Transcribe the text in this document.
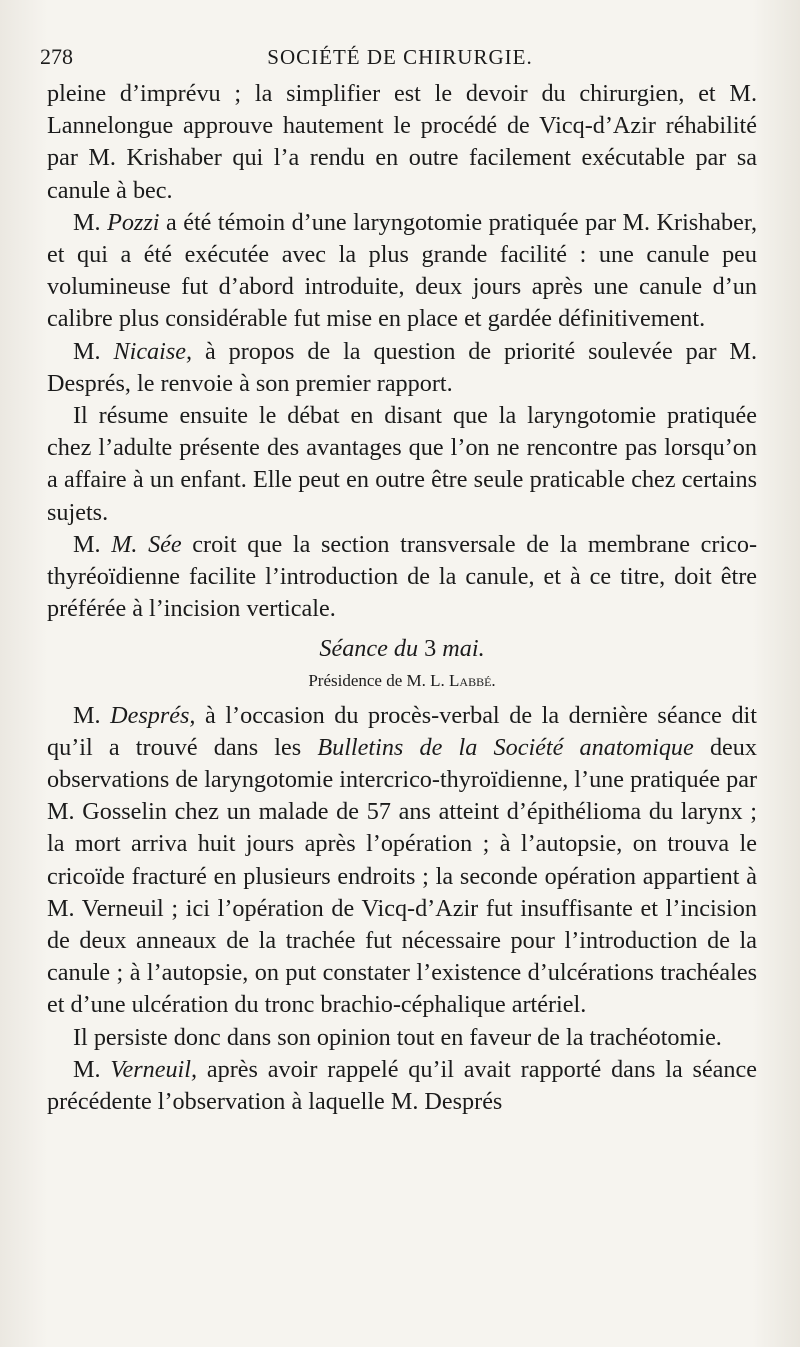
278	SOCIÉTÉ DE CHIRURGIE.

pleine d’imprévu ; la simplifier est le devoir du chirurgien, et M. Lannelongue approuve hautement le procédé de Vicq-d’Azir réhabilité par M. Krishaber qui l’a rendu en outre facilement exécutable par sa canule à bec.

M. Pozzi a été témoin d’une laryngotomie pratiquée par M. Krishaber, et qui a été exécutée avec la plus grande facilité : une canule peu volumineuse fut d’abord introduite, deux jours après une canule d’un calibre plus considérable fut mise en place et gardée définitivement.

M. Nicaise, à propos de la question de priorité soulevée par M. Després, le renvoie à son premier rapport.

Il résume ensuite le débat en disant que la laryngotomie pratiquée chez l’adulte présente des avantages que l’on ne rencontre pas lorsqu’on a affaire à un enfant. Elle peut en outre être seule praticable chez certains sujets.

M. M. Sée croit que la section transversale de la membrane crico-thyréoïdienne facilite l’introduction de la canule, et à ce titre, doit être préférée à l’incision verticale.

Séance du 3 mai.

Présidence de M. L. Labbé.

M. Després, à l’occasion du procès-verbal de la dernière séance dit qu’il a trouvé dans les Bulletins de la Société anatomique deux observations de laryngotomie intercrico-thyroïdienne, l’une pratiquée par M. Gosselin chez un malade de 57 ans atteint d’épithélioma du larynx ; la mort arriva huit jours après l’opération ; à l’autopsie, on trouva le cricoïde fracturé en plusieurs endroits ; la seconde opération appartient à M. Verneuil ; ici l’opération de Vicq-d’Azir fut insuffisante et l’incision de deux anneaux de la trachée fut nécessaire pour l’introduction de la canule ; à l’autopsie, on put constater l’existence d’ulcérations trachéales et d’une ulcération du tronc brachio-céphalique artériel.

Il persiste donc dans son opinion tout en faveur de la trachéotomie.

M. Verneuil, après avoir rappelé qu’il avait rapporté dans la séance précédente l’observation à laquelle M. Després
